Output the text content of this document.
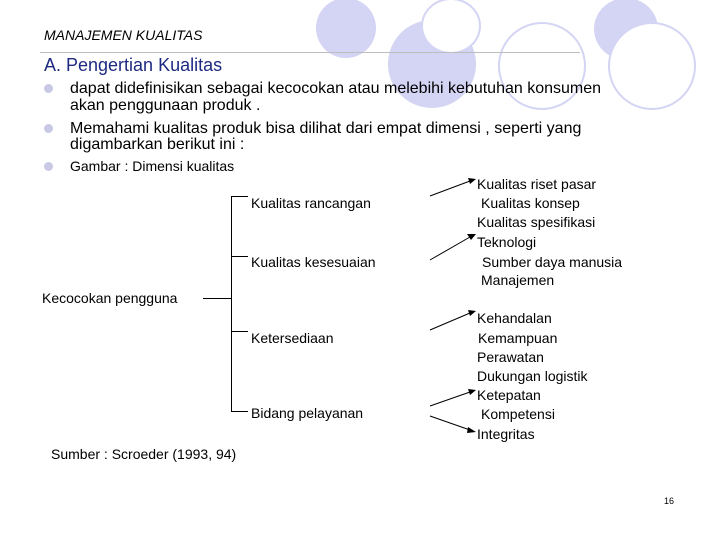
MANAJEMEN KUALITAS
A. Pengertian Kualitas
dapat didefinisikan sebagai kecocokan atau melebihi kebutuhan konsumen
akan penggunaan produk .
Memahami kualitas produk bisa dilihat dari empat dimensi , seperti yang
digambarkan berikut ini :
Gambar : Dimensi kualitas
Kecocokan pengguna
Kualitas rancangan
Kualitas kesesuaian
Ketersediaan
Bidang pelayanan
Kualitas riset pasar
Kualitas konsep
Kualitas spesifikasi
Teknologi
Sumber daya manusia
Manajemen
Kehandalan
Kemampuan
Perawatan
Dukungan logistik
Ketepatan
Kompetensi
Integritas
Sumber : Scroeder (1993, 94)
16
